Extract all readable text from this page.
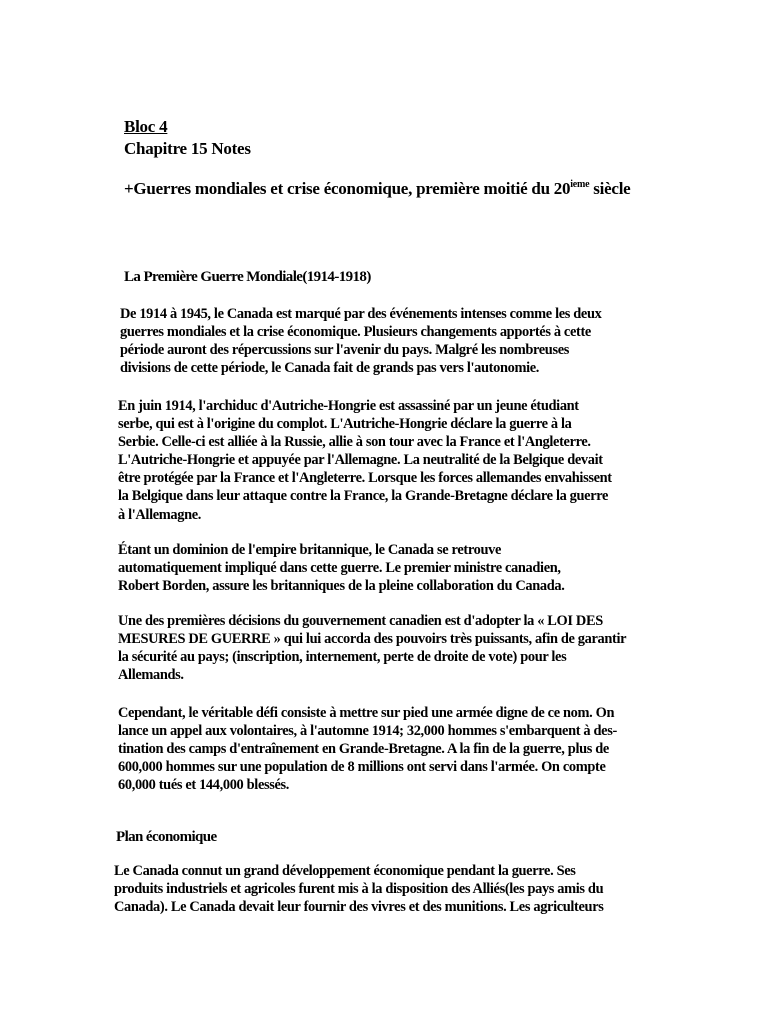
Bloc 4
Chapitre 15 Notes
+Guerres mondiales et crise économique, première moitié du 20ieme siècle
La Première Guerre Mondiale(1914-1918)
De 1914 à 1945, le Canada est marqué par des événements intenses comme les deux
guerres mondiales et la crise économique. Plusieurs changements apportés à cette
période auront des répercussions sur l'avenir du pays. Malgré les nombreuses
divisions de cette période, le Canada fait de grands pas vers l'autonomie.
En juin 1914, l'archiduc d'Autriche-Hongrie est assassiné par un jeune étudiant
serbe, qui est à l'origine du complot. L'Autriche-Hongrie déclare la guerre à la
Serbie. Celle-ci est alliée à la Russie, allie à son tour avec la France et l'Angleterre.
L'Autriche-Hongrie et appuyée par l'Allemagne. La neutralité de la Belgique devait
être protégée par la France et l'Angleterre. Lorsque les forces allemandes envahissent
la Belgique dans leur attaque contre la France, la Grande-Bretagne déclare la guerre
à l'Allemagne.
Étant un dominion de l'empire britannique, le Canada se retrouve
automatiquement impliqué dans cette guerre. Le premier ministre canadien,
Robert Borden, assure les britanniques de la pleine collaboration du Canada.
Une des premières décisions du gouvernement canadien est d'adopter la « LOI DES
MESURES DE GUERRE » qui lui accorda des pouvoirs très puissants, afin de garantir
la sécurité au pays; (inscription, internement, perte de droite de vote) pour les
Allemands.
Cependant, le véritable défi consiste à mettre sur pied une armée digne de ce nom. On
lance un appel aux volontaires, à l'automne 1914; 32,000 hommes s'embarquent à des-
tination des camps d'entraînement en Grande-Bretagne. A la fin de la guerre, plus de
600,000 hommes sur une population de 8 millions ont servi dans l'armée. On compte
60,000 tués et 144,000 blessés.
Plan économique
Le Canada connut un grand développement économique pendant la guerre. Ses
produits industriels et agricoles furent mis à la disposition des Alliés(les pays amis du
Canada). Le Canada devait leur fournir des vivres et des munitions. Les agriculteurs
